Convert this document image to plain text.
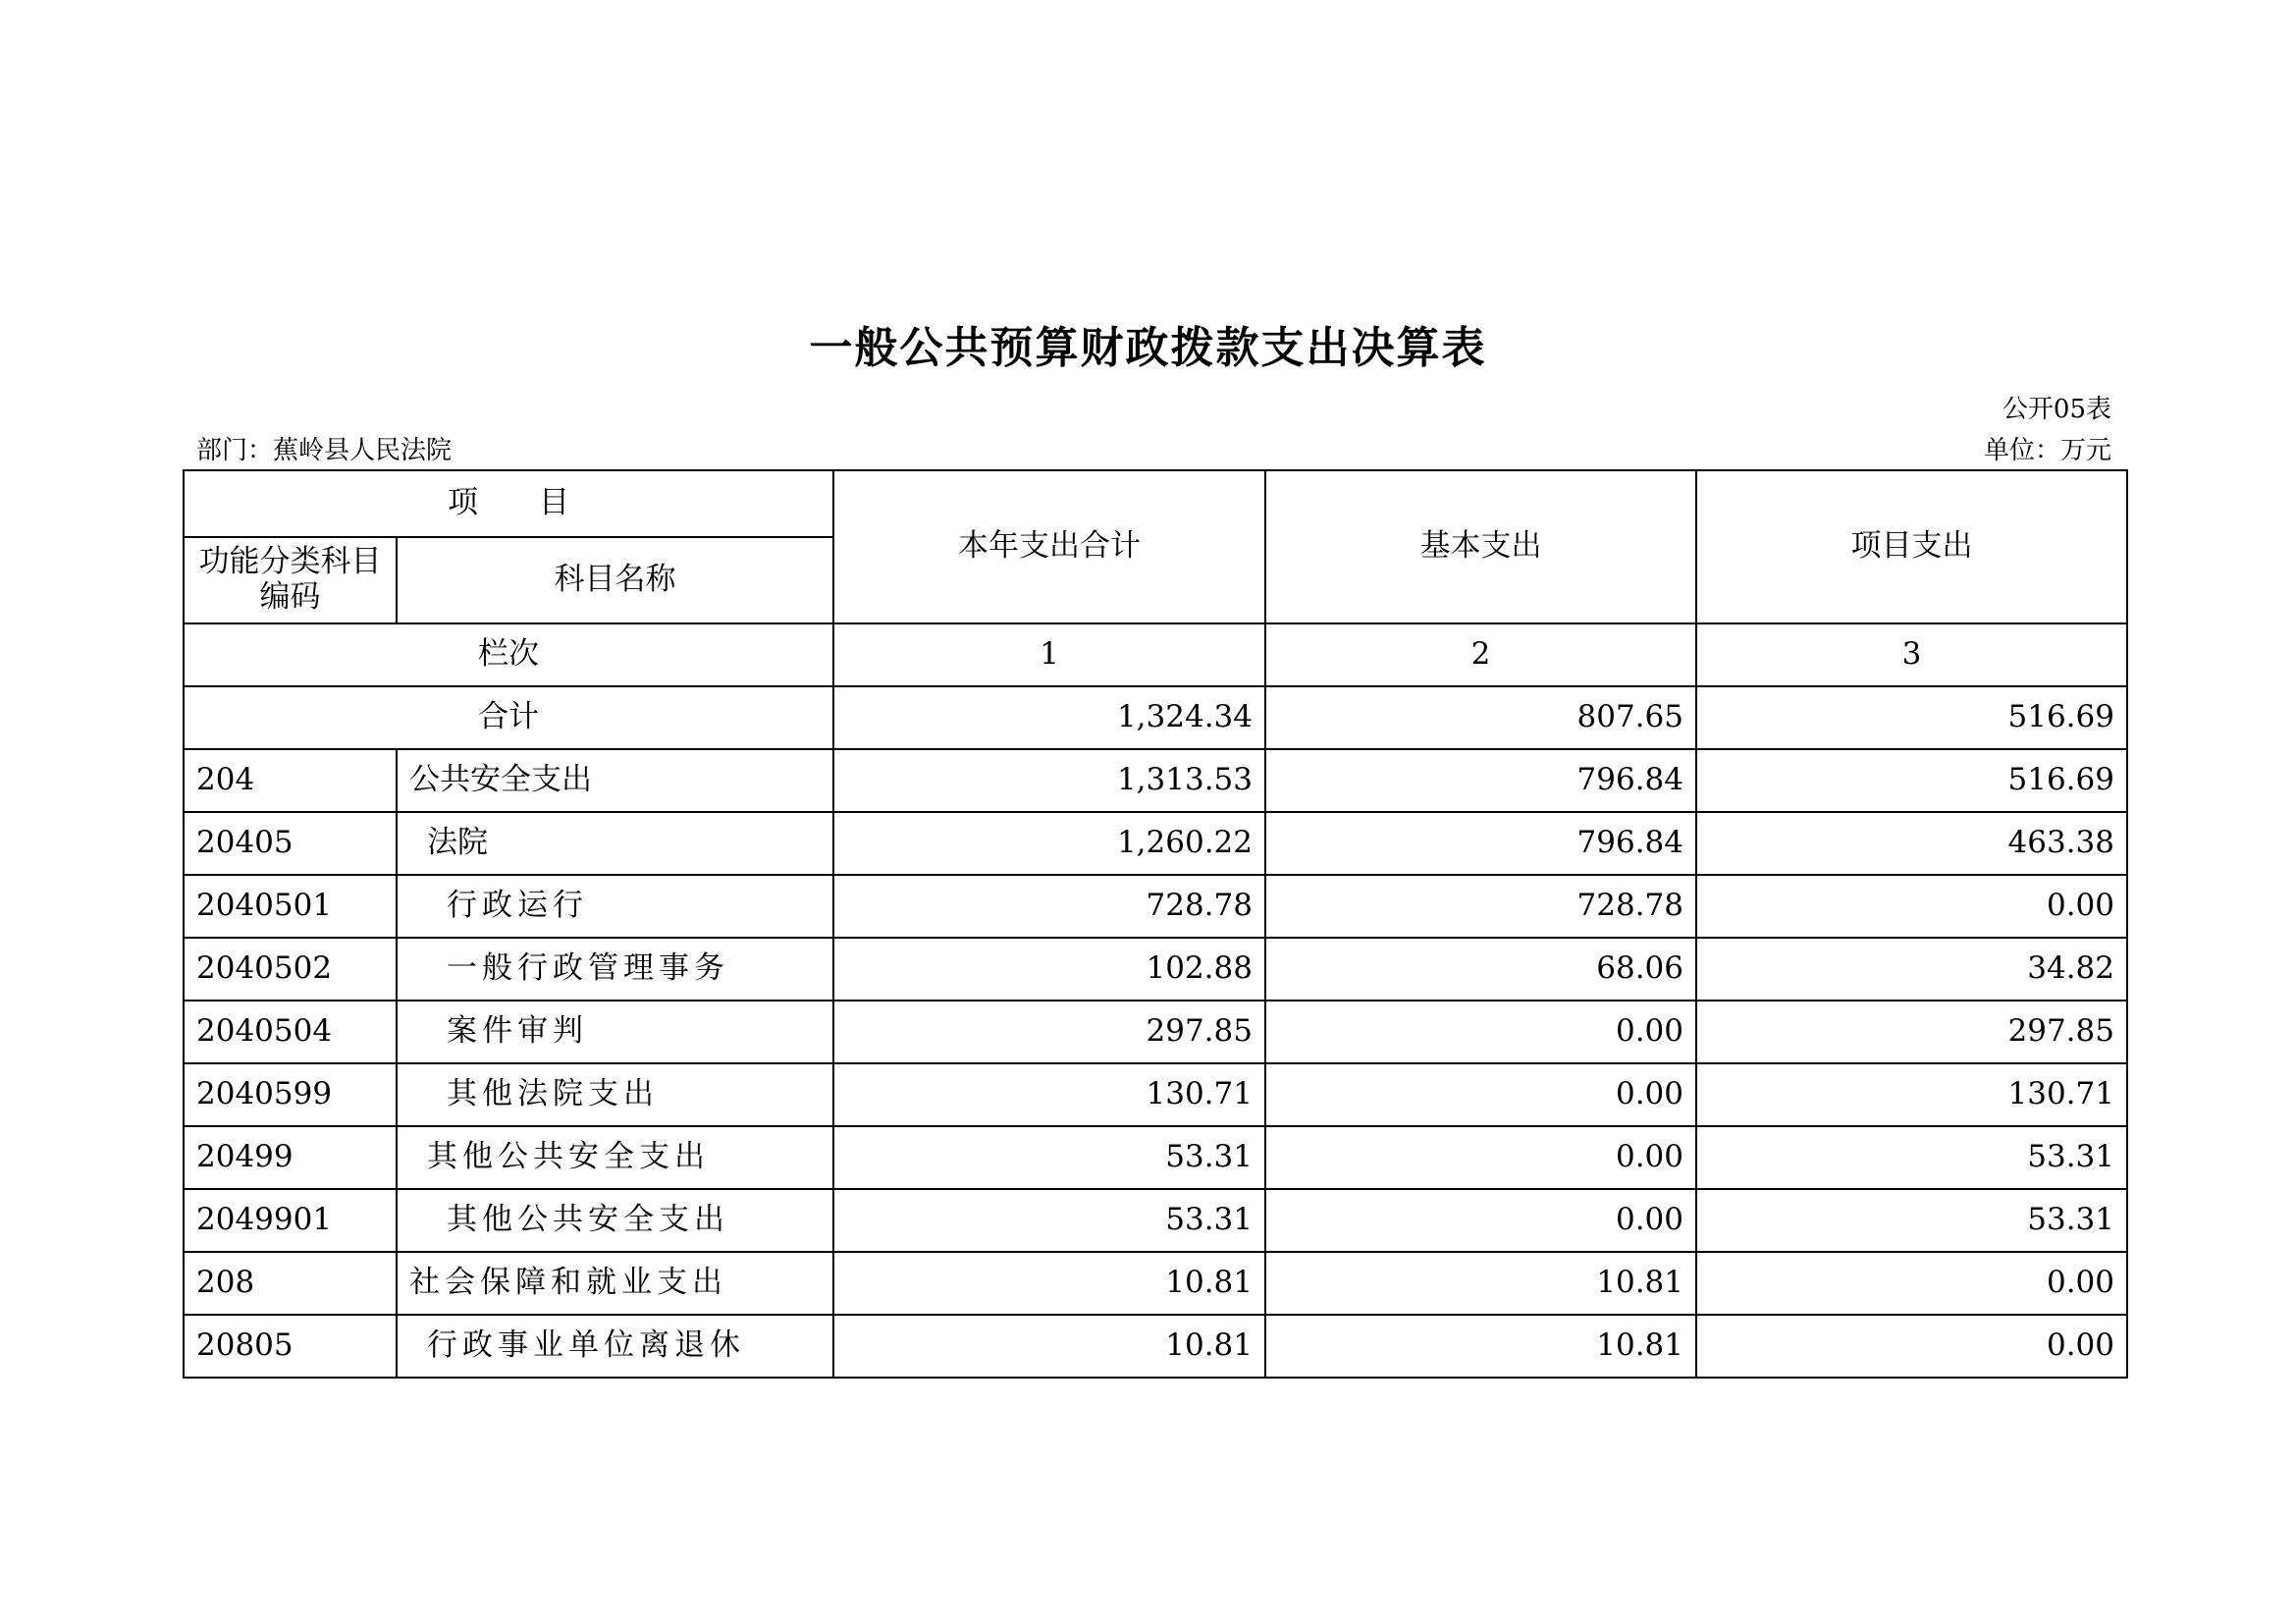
一般公共预算财政拨款支出决算表
公开05表
部门：蕉岭县人民法院	单位：万元
项　　目		本年支出合计	基本支出	项目支出
功能分类科目编码	科目名称			
栏次		1	2	3
合计		1,324.34	807.65	516.69
204	公共安全支出	1,313.53	796.84	516.69
20405	法院	1,260.22	796.84	463.38
2040501	行政运行	728.78	728.78	0.00
2040502	一般行政管理事务	102.88	68.06	34.82
2040504	案件审判	297.85	0.00	297.85
2040599	其他法院支出	130.71	0.00	130.71
20499	其他公共安全支出	53.31	0.00	53.31
2049901	其他公共安全支出	53.31	0.00	53.31
208	社会保障和就业支出	10.81	10.81	0.00
20805	行政事业单位离退休	10.81	10.81	0.00
